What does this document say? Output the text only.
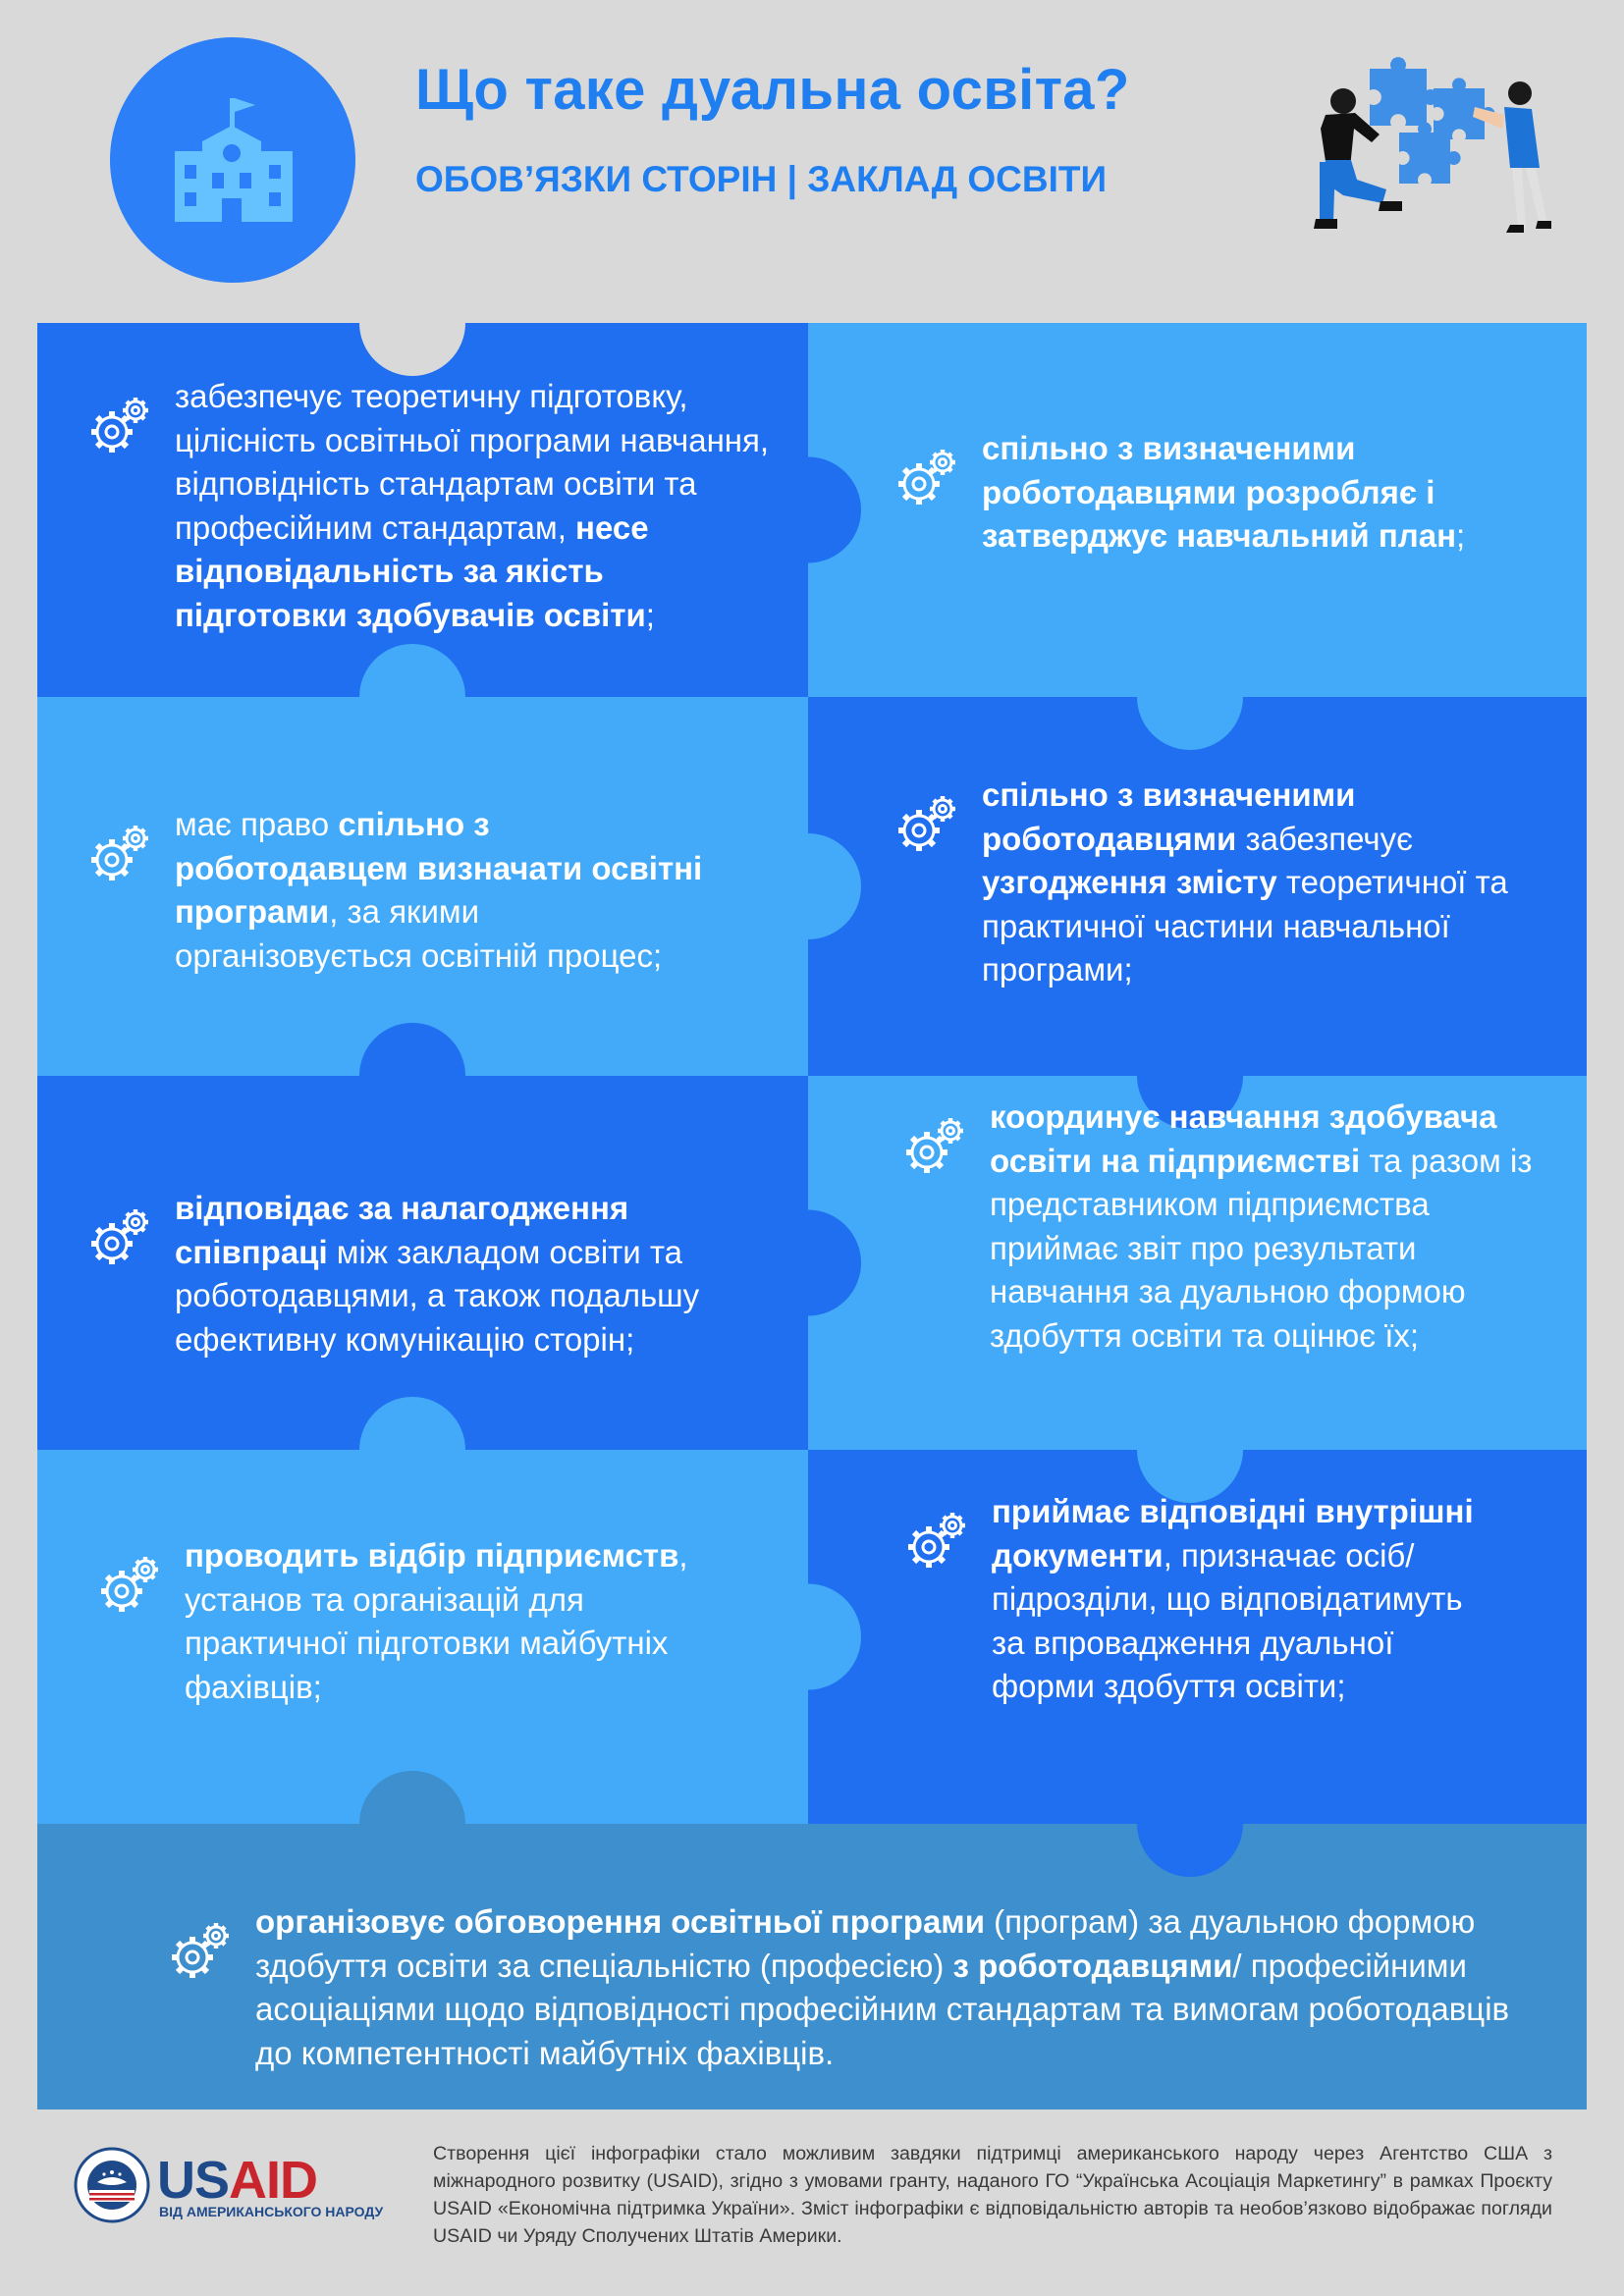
Що таке дуальна освіта?
ОБОВ’ЯЗКИ СТОРІН | ЗАКЛАД ОСВІТИ

забезпечує теоретичну підготовку, цілісність освітньої програми навчання, відповідність стандартам освіти та професійним стандартам, несе відповідальність за якість підготовки здобувачів освіти;

спільно з визначеними роботодавцями розробляє і затверджує навчальний план;

має право спільно з роботодавцем визначати освітні програми, за якими організовується освітній процес;

спільно з визначеними роботодавцями забезпечує узгодження змісту теоретичної та практичної частини навчальної програми;

відповідає за налагодження співпраці між закладом освіти та роботодавцями, а також подальшу ефективну комунікацію сторін;

координує навчання здобувача освіти на підприємстві та разом із представником підприємства приймає звіт про результати навчання за дуальною формою здобуття освіти та оцінює їх;

проводить відбір підприємств, установ та організацій для практичної підготовки майбутніх фахівців;

приймає відповідні внутрішні документи, призначає осіб/підрозділи, що відповідатимуть за впровадження дуальної форми здобуття освіти;

організовує обговорення освітньої програми (програм) за дуальною формою здобуття освіти за спеціальністю (професією) з роботодавцями/ професійними асоціаціями щодо відповідності професійним стандартам та вимогам роботодавців до компетентності майбутніх фахівців.

USAID

ВІД АМЕРИКАНСЬКОГО НАРОДУ

Створення цієї інфографіки стало можливим завдяки підтримці американського народу через Агентство США з міжнародного розвитку (USAID), згідно з умовами гранту, наданого ГО “Українська Асоціація Маркетингу” в рамках Проєкту USAID «Економічна підтримка України». Зміст інфографіки є відповідальністю авторів та необов’язково відображає погляди USAID чи Уряду Сполучених Штатів Америки.
